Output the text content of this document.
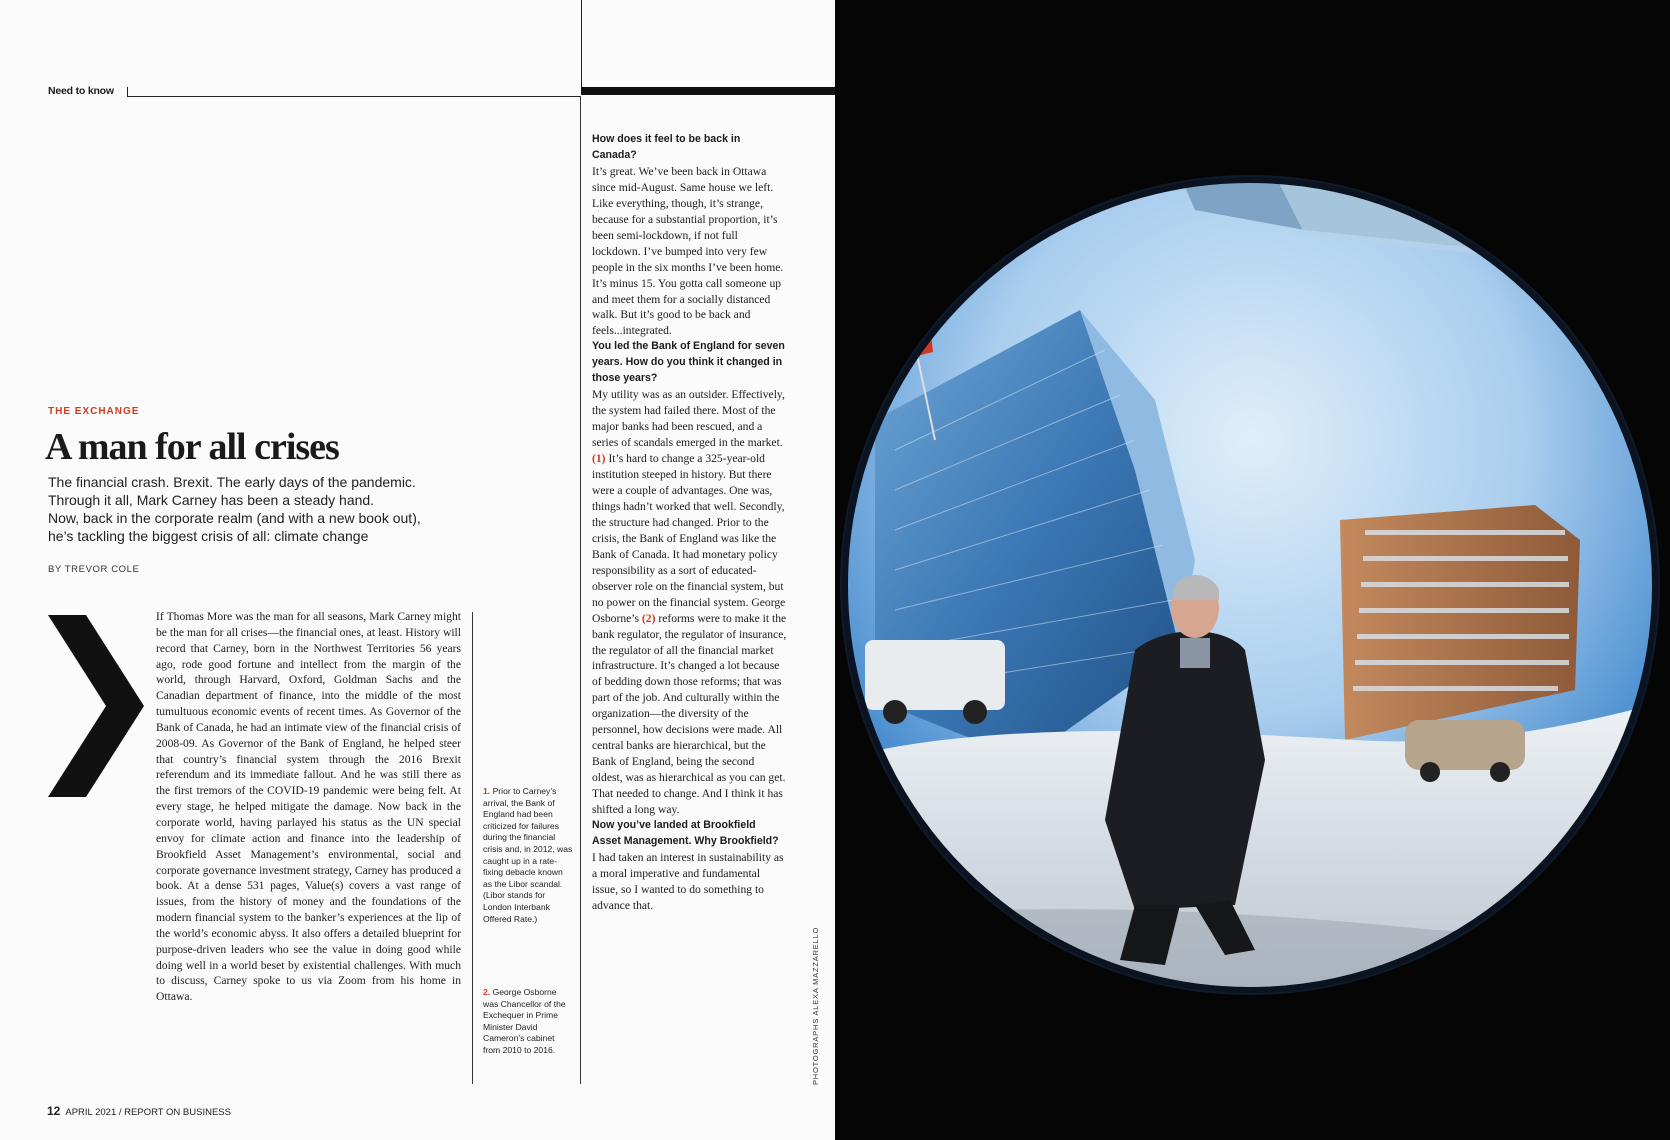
Need to know
THE EXCHANGE
A man for all crises
The financial crash. Brexit. The early days of the pandemic.
Through it all, Mark Carney has been a steady hand.
Now, back in the corporate realm (and with a new book out),
he’s tackling the biggest crisis of all: climate change
BY TREVOR COLE

If Thomas More was the man for all seasons, Mark Carney might be the man for all crises—the financial ones, at least. History will record that Carney, born in the Northwest Territories 56 years ago, rode good fortune and intellect from the margin of the world, through Harvard, Oxford, Goldman Sachs and the Canadian department of finance, into the middle of the most tumultuous economic events of recent times. As Governor of the Bank of Canada, he had an intimate view of the financial crisis of 2008-09. As Governor of the Bank of England, he helped steer that country’s financial system through the 2016 Brexit referendum and its immediate fallout. And he was still there as the first tremors of the COVID-19 pandemic were being felt. At every stage, he helped mitigate the damage. Now back in the corporate world, having parlayed his status as the UN special envoy for climate action and finance into the leadership of Brookfield Asset Management’s environmental, social and corporate governance investment strategy, Carney has produced a book. At a dense 531 pages, Value(s) covers a vast range of issues, from the history of money and the foundations of the modern financial system to the banker’s experiences at the lip of the world’s economic abyss. It also offers a detailed blueprint for purpose-driven leaders who see the value in doing good while doing well in a world beset by existential challenges. With much to discuss, Carney spoke to us via Zoom from his home in Ottawa.

1. Prior to Carney’s arrival, the Bank of England had been criticized for failures during the financial crisis and, in 2012, was caught up in a rate-fixing debacle known as the Libor scandal. (Libor stands for London Interbank Offered Rate.)
2. George Osborne was Chancellor of the Exchequer in Prime Minister David Cameron’s cabinet from 2010 to 2016.

How does it feel to be back in Canada?

It’s great. We’ve been back in Ottawa since mid-August. Same house we left. Like everything, though, it’s strange, because for a substantial proportion, it’s been semi-lockdown, if not full lockdown. I’ve bumped into very few people in the six months I’ve been home. It’s minus 15. You gotta call someone up and meet them for a socially distanced walk. But it’s good to be back and feels...integrated.

You led the Bank of England for seven years. How do you think it changed in those years?

My utility was as an outsider. Effectively, the system had failed there. Most of the major banks had been rescued, and a series of scandals emerged in the market. (1) It’s hard to change a 325-year-old institution steeped in history. But there were a couple of advantages. One was, things hadn’t worked that well. Secondly, the structure had changed. Prior to the crisis, the Bank of England was like the Bank of Canada. It had monetary policy responsibility as a sort of educated-observer role on the financial system, but no power on the financial system. George Osborne’s (2) reforms were to make it the bank regulator, the regulator of insurance, the regulator of all the financial market infrastructure. It’s changed a lot because of bedding down those reforms; that was part of the job. And culturally within the organization—the diversity of the personnel, how decisions were made. All central banks are hierarchical, but the Bank of England, being the second oldest, was as hierarchical as you can get. That needed to change. And I think it has shifted a long way.

Now you’ve landed at Brookfield Asset Management. Why Brookfield?

I had taken an interest in sustainability as a moral imperative and fundamental issue, so I wanted to do something to advance that.

12 APRIL 2021 / REPORT ON BUSINESS
PHOTOGRAPHS ALEXA MAZZARELLO
